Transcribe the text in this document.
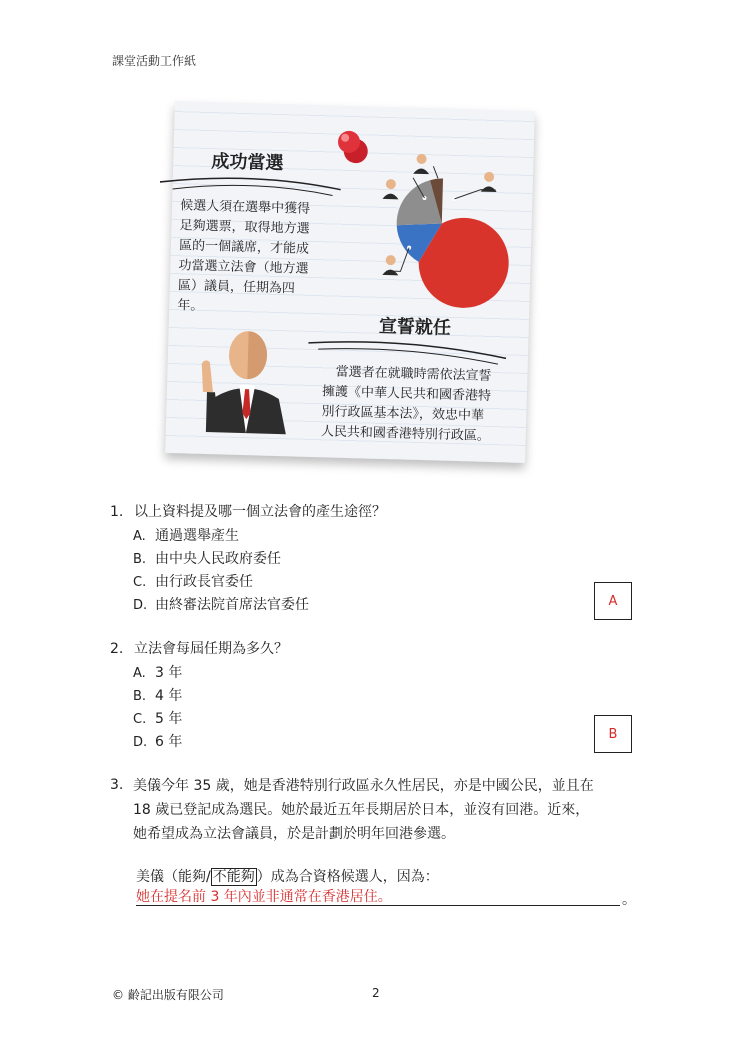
課堂活動工作紙
成功當選
候選人須在選舉中獲得
足夠選票，取得地方選
區的一個議席，才能成
功當選立法會（地方選
區）議員，任期為四
年。
宣誓就任
當選者在就職時需依法宣誓
擁護《中華人民共和國香港特
別行政區基本法》，效忠中華
人民共和國香港特別行政區。
1. 以上資料提及哪一個立法會的產生途徑？
A. 通過選舉產生
B. 由中央人民政府委任
C. 由行政長官委任
D. 由終審法院首席法官委任	A
2. 立法會每屆任期為多久？
A. 3 年
B. 4 年
C. 5 年
D. 6 年	B
3. 美儀今年 35 歲，她是香港特別行政區永久性居民，亦是中國公民，並且在
18 歲已登記成為選民。她於最近五年長期居於日本，並沒有回港。近來，
她希望成為立法會議員，於是計劃於明年回港參選。
美儀（能夠/ 不能夠 ）成為合資格候選人，因為：
她在提名前 3 年內並非通常在香港居住。	。
© 齡記出版有限公司	2
